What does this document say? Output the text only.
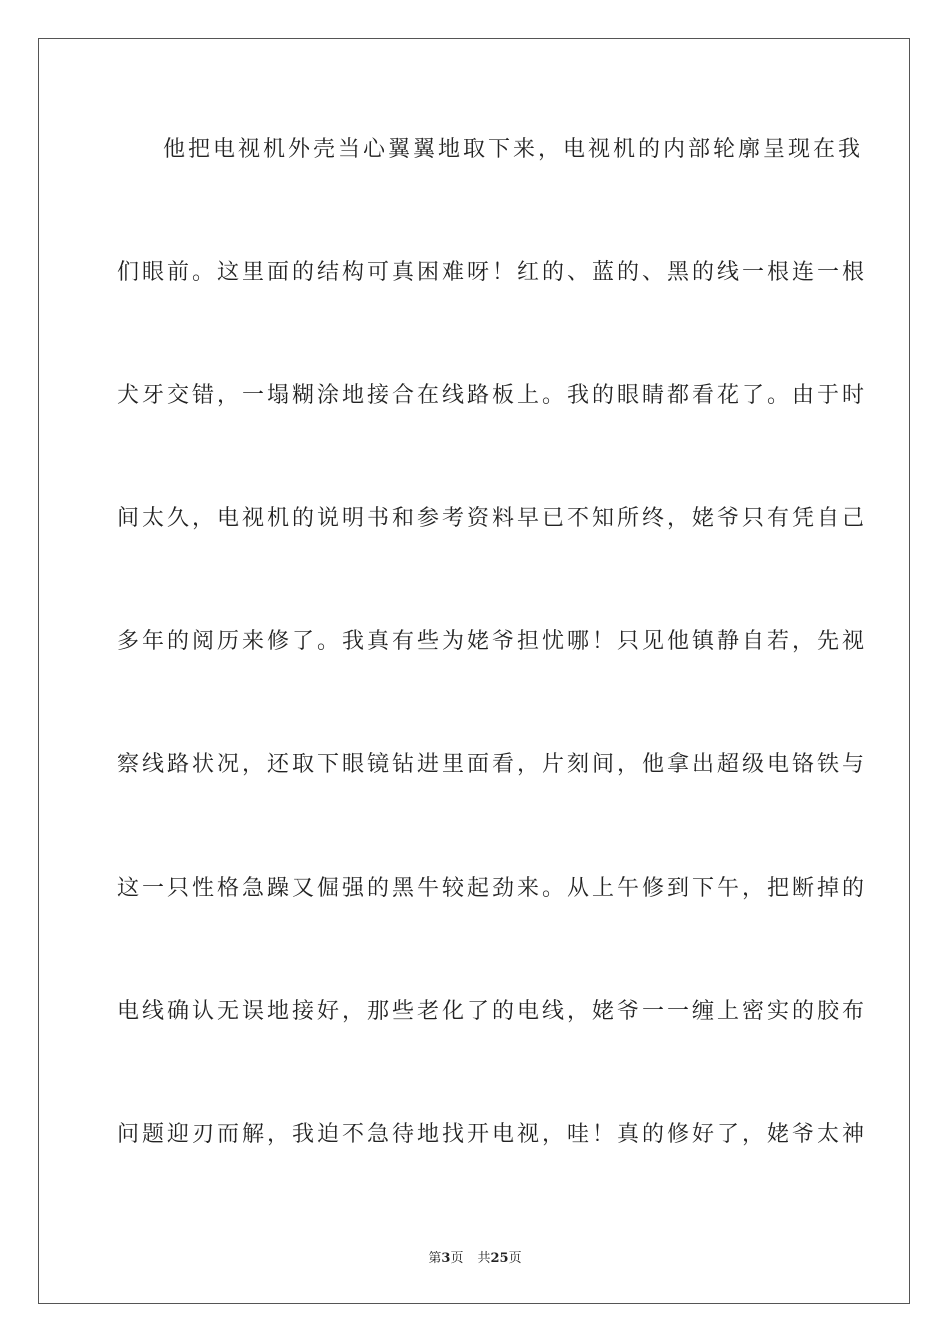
他把电视机外壳当心翼翼地取下来，电视机的内部轮廓呈现在我
们眼前。这里面的结构可真困难呀！红的、蓝的、黑的线一根连一根
犬牙交错，一塌糊涂地接合在线路板上。我的眼睛都看花了。由于时
间太久，电视机的说明书和参考资料早已不知所终，姥爷只有凭自己
多年的阅历来修了。我真有些为姥爷担忧哪！只见他镇静自若，先视
察线路状况，还取下眼镜钻进里面看，片刻间，他拿出超级电铬铁与
这一只性格急躁又倔强的黑牛较起劲来。从上午修到下午，把断掉的
电线确认无误地接好，那些老化了的电线，姥爷一一缠上密实的胶布
问题迎刃而解，我迫不急待地找开电视，哇！真的修好了，姥爷太神
第3页 共25页
